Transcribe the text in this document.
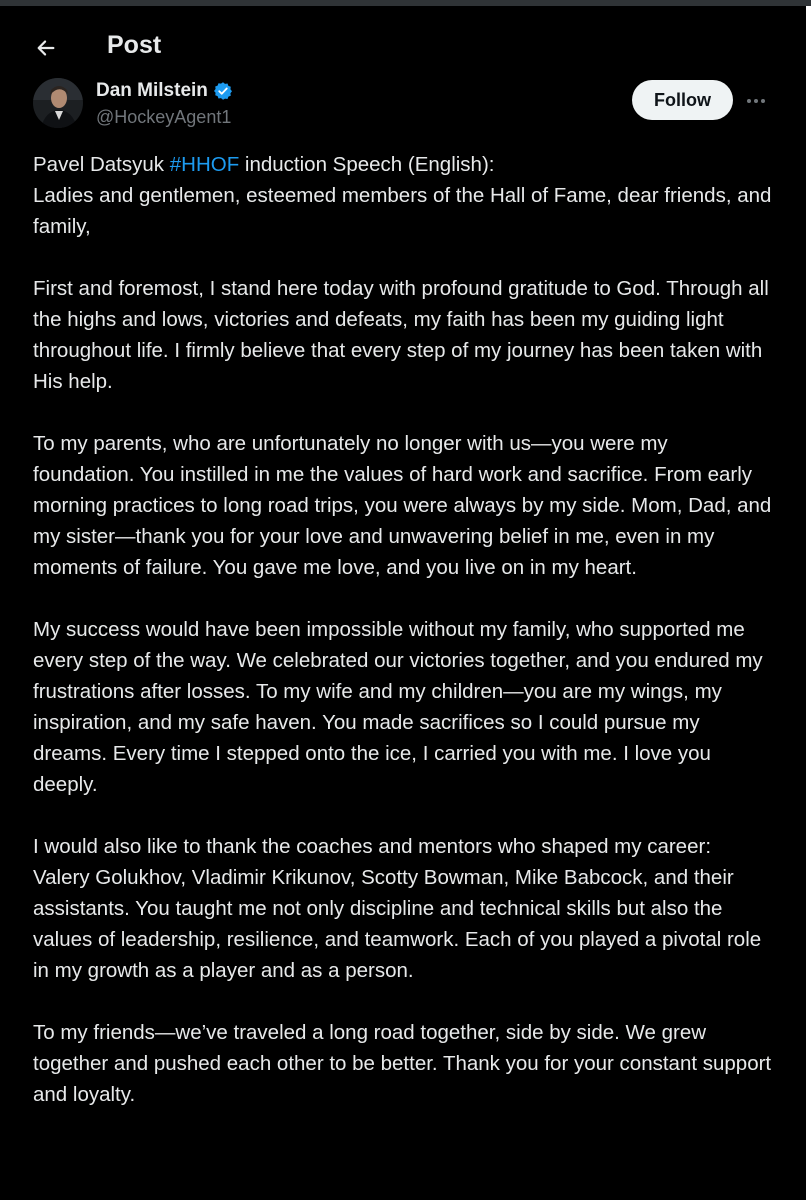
Post
Dan Milstein
@HockeyAgent1
Follow

Pavel Datsyuk #HHOF induction Speech (English):
Ladies and gentlemen, esteemed members of the Hall of Fame, dear friends, and family,

First and foremost, I stand here today with profound gratitude to God. Through all the highs and lows, victories and defeats, my faith has been my guiding light throughout life. I firmly believe that every step of my journey has been taken with His help.

To my parents, who are unfortunately no longer with us—you were my foundation. You instilled in me the values of hard work and sacrifice. From early morning practices to long road trips, you were always by my side. Mom, Dad, and my sister—thank you for your love and unwavering belief in me, even in my moments of failure. You gave me love, and you live on in my heart.

My success would have been impossible without my family, who supported me every step of the way. We celebrated our victories together, and you endured my frustrations after losses. To my wife and my children—you are my wings, my inspiration, and my safe haven. You made sacrifices so I could pursue my dreams. Every time I stepped onto the ice, I carried you with me. I love you deeply.

I would also like to thank the coaches and mentors who shaped my career: Valery Golukhov, Vladimir Krikunov, Scotty Bowman, Mike Babcock, and their assistants. You taught me not only discipline and technical skills but also the values of leadership, resilience, and teamwork. Each of you played a pivotal role in my growth as a player and as a person.

To my friends—we’ve traveled a long road together, side by side. We grew together and pushed each other to be better. Thank you for your constant support and loyalty.
